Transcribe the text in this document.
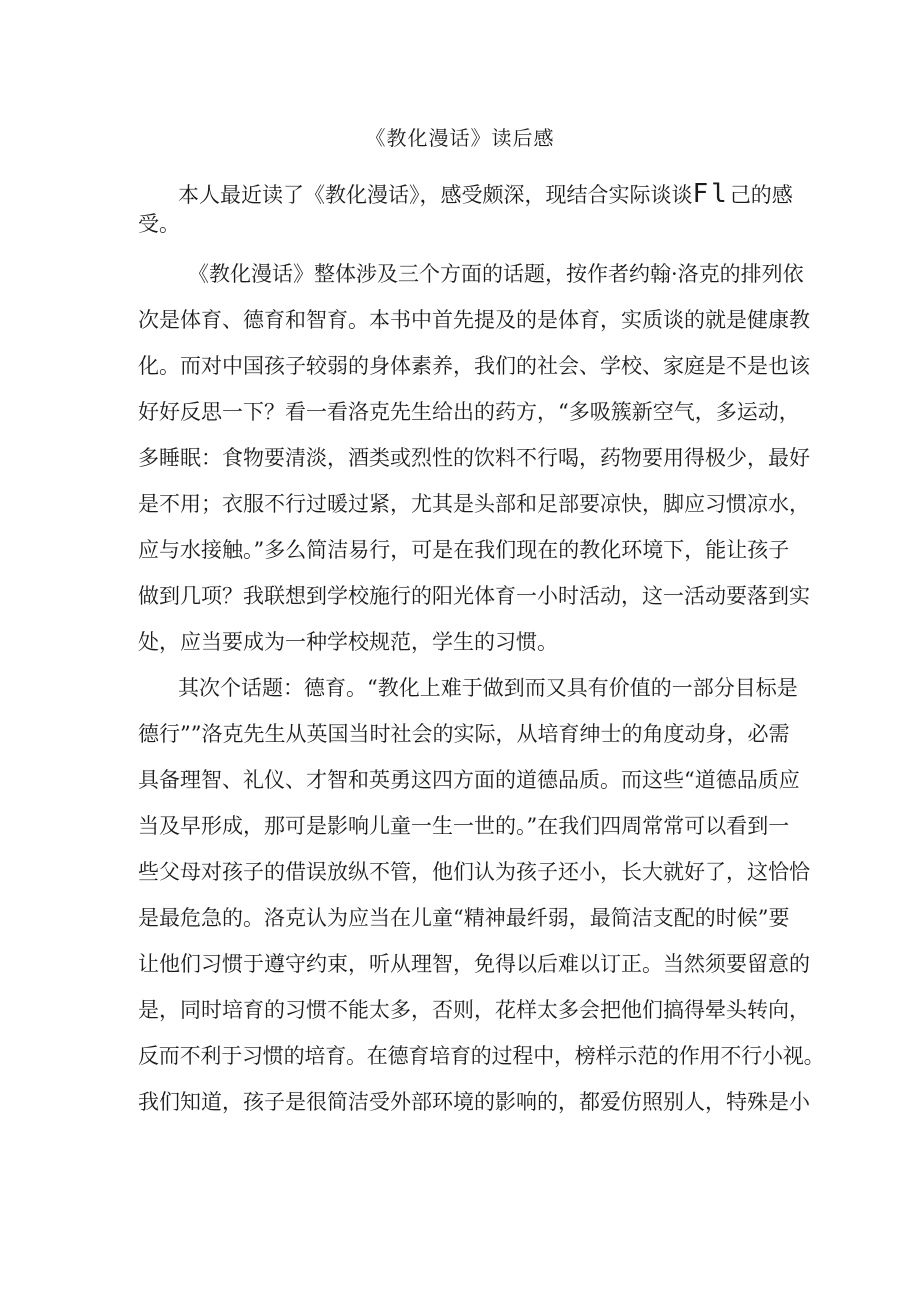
《教化漫话》读后感
本人最近读了《教化漫话》，感受颇深，现结合实际谈谈Fl己的感
受。
《教化漫话》整体涉及三个方面的话题，按作者约翰·洛克的排列依
次是体育、德育和智育。本书中首先提及的是体育，实质谈的就是健康教
化。而对中国孩子较弱的身体素养，我们的社会、学校、家庭是不是也该
好好反思一下？看一看洛克先生给出的药方，“多吸簇新空气，多运动，
多睡眠：食物要清淡，酒类或烈性的饮料不行喝，药物要用得极少，最好
是不用；衣服不行过暖过紧，尤其是头部和足部要凉快，脚应习惯凉水，
应与水接触。”多么简洁易行，可是在我们现在的教化环境下，能让孩子
做到几项？我联想到学校施行的阳光体育一小时活动，这一活动要落到实
处，应当要成为一种学校规范，学生的习惯。
其次个话题：德育。“教化上难于做到而又具有价值的一部分目标是
德行””洛克先生从英国当时社会的实际，从培育绅士的角度动身，必需
具备理智、礼仪、才智和英勇这四方面的道德品质。而这些“道德品质应
当及早形成，那可是影响儿童一生一世的。”在我们四周常常可以看到一
些父母对孩子的借误放纵不管，他们认为孩子还小，长大就好了，这恰恰
是最危急的。洛克认为应当在儿童“精神最纤弱，最简洁支配的时候”要
让他们习惯于遵守约束，听从理智，免得以后难以订正。当然须要留意的
是，同时培育的习惯不能太多，否则，花样太多会把他们搞得晕头转向，
反而不利于习惯的培育。在德育培育的过程中，榜样示范的作用不行小视。
我们知道，孩子是很简洁受外部环境的影响的，都爱仿照别人，特殊是小
